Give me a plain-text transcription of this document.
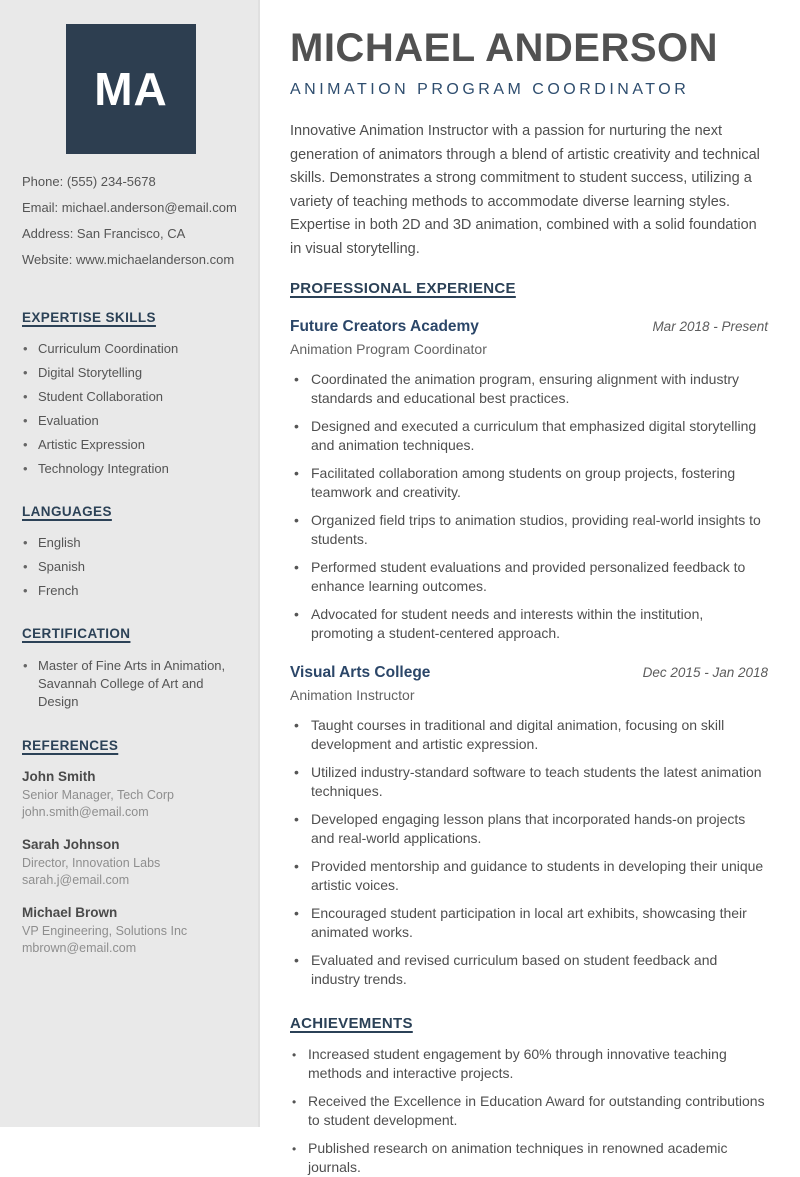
MA
Phone: (555) 234-5678
Email: michael.anderson@email.com
Address: San Francisco, CA
Website: www.michaelanderson.com
EXPERTISE SKILLS
• Curriculum Coordination
• Digital Storytelling
• Student Collaboration
• Evaluation
• Artistic Expression
• Technology Integration
LANGUAGES
• English
• Spanish
• French
CERTIFICATION
• Master of Fine Arts in Animation, Savannah College of Art and Design
REFERENCES
John Smith
Senior Manager, Tech Corp
john.smith@email.com
Sarah Johnson
Director, Innovation Labs
sarah.j@email.com
Michael Brown
VP Engineering, Solutions Inc
mbrown@email.com
MICHAEL ANDERSON
ANIMATION PROGRAM COORDINATOR
Innovative Animation Instructor with a passion for nurturing the next generation of animators through a blend of artistic creativity and technical skills. Demonstrates a strong commitment to student success, utilizing a variety of teaching methods to accommodate diverse learning styles. Expertise in both 2D and 3D animation, combined with a solid foundation in visual storytelling.
PROFESSIONAL EXPERIENCE
Future Creators Academy	Mar 2018 - Present
Animation Program Coordinator
• Coordinated the animation program, ensuring alignment with industry standards and educational best practices.
• Designed and executed a curriculum that emphasized digital storytelling and animation techniques.
• Facilitated collaboration among students on group projects, fostering teamwork and creativity.
• Organized field trips to animation studios, providing real-world insights to students.
• Performed student evaluations and provided personalized feedback to enhance learning outcomes.
• Advocated for student needs and interests within the institution, promoting a student-centered approach.
Visual Arts College	Dec 2015 - Jan 2018
Animation Instructor
• Taught courses in traditional and digital animation, focusing on skill development and artistic expression.
• Utilized industry-standard software to teach students the latest animation techniques.
• Developed engaging lesson plans that incorporated hands-on projects and real-world applications.
• Provided mentorship and guidance to students in developing their unique artistic voices.
• Encouraged student participation in local art exhibits, showcasing their animated works.
• Evaluated and revised curriculum based on student feedback and industry trends.
ACHIEVEMENTS
• Increased student engagement by 60% through innovative teaching methods and interactive projects.
• Received the Excellence in Education Award for outstanding contributions to student development.
• Published research on animation techniques in renowned academic journals.
